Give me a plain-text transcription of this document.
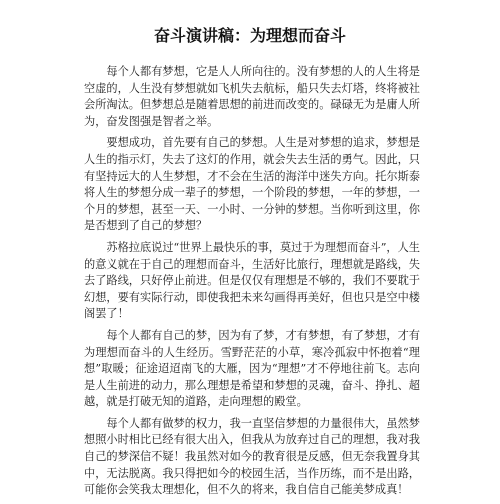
奋斗演讲稿：为理想而奋斗

每个人都有梦想，它是人人所向往的。没有梦想的人的人生将是空虚的，人生没有梦想就如飞机失去航标，船只失去灯塔，终将被社会所淘汰。但梦想总是随着思想的前进而改变的。碌碌无为是庸人所为，奋发图强是智者之举。

要想成功，首先要有自己的梦想。人生是对梦想的追求，梦想是人生的指示灯，失去了这灯的作用，就会失去生活的勇气。因此，只有坚持远大的人生梦想，才不会在生活的海洋中迷失方向。托尔斯泰将人生的梦想分成一辈子的梦想，一个阶段的梦想，一年的梦想，一个月的梦想，甚至一天、一小时、一分钟的梦想。当你听到这里，你是否想到了自己的梦想？

苏格拉底说过“世界上最快乐的事，莫过于为理想而奋斗”，人生的意义就在于自己的理想而奋斗，生活好比旅行，理想就是路线，失去了路线，只好停止前进。但是仅仅有理想是不够的，我们不要耽于幻想，要有实际行动，即使我把未来勾画得再美好，但也只是空中楼阁罢了！

每个人都有自己的梦，因为有了梦，才有梦想，有了梦想，才有为理想而奋斗的人生经历。雪野茫茫的小草，寒冷孤寂中怀抱着“理想”取暖；征途迢迢南飞的大雁，因为“理想”才不停地往前飞。志向是人生前进的动力，那么理想是希望和梦想的灵魂，奋斗、挣扎、超越，就是打破无知的道路，走向理想的殿堂。

每个人都有做梦的权力，我一直坚信梦想的力量很伟大，虽然梦想照小时相比已经有很大出入，但我从为放弃过自己的理想，我对我自己的梦深信不疑！我虽然对如今的教育很是反感，但无奈我置身其中，无法脱离。我只得把如今的校园生活，当作历练，而不是出路，可能你会笑我太理想化，但不久的将来，我自信自己能美梦成真！
